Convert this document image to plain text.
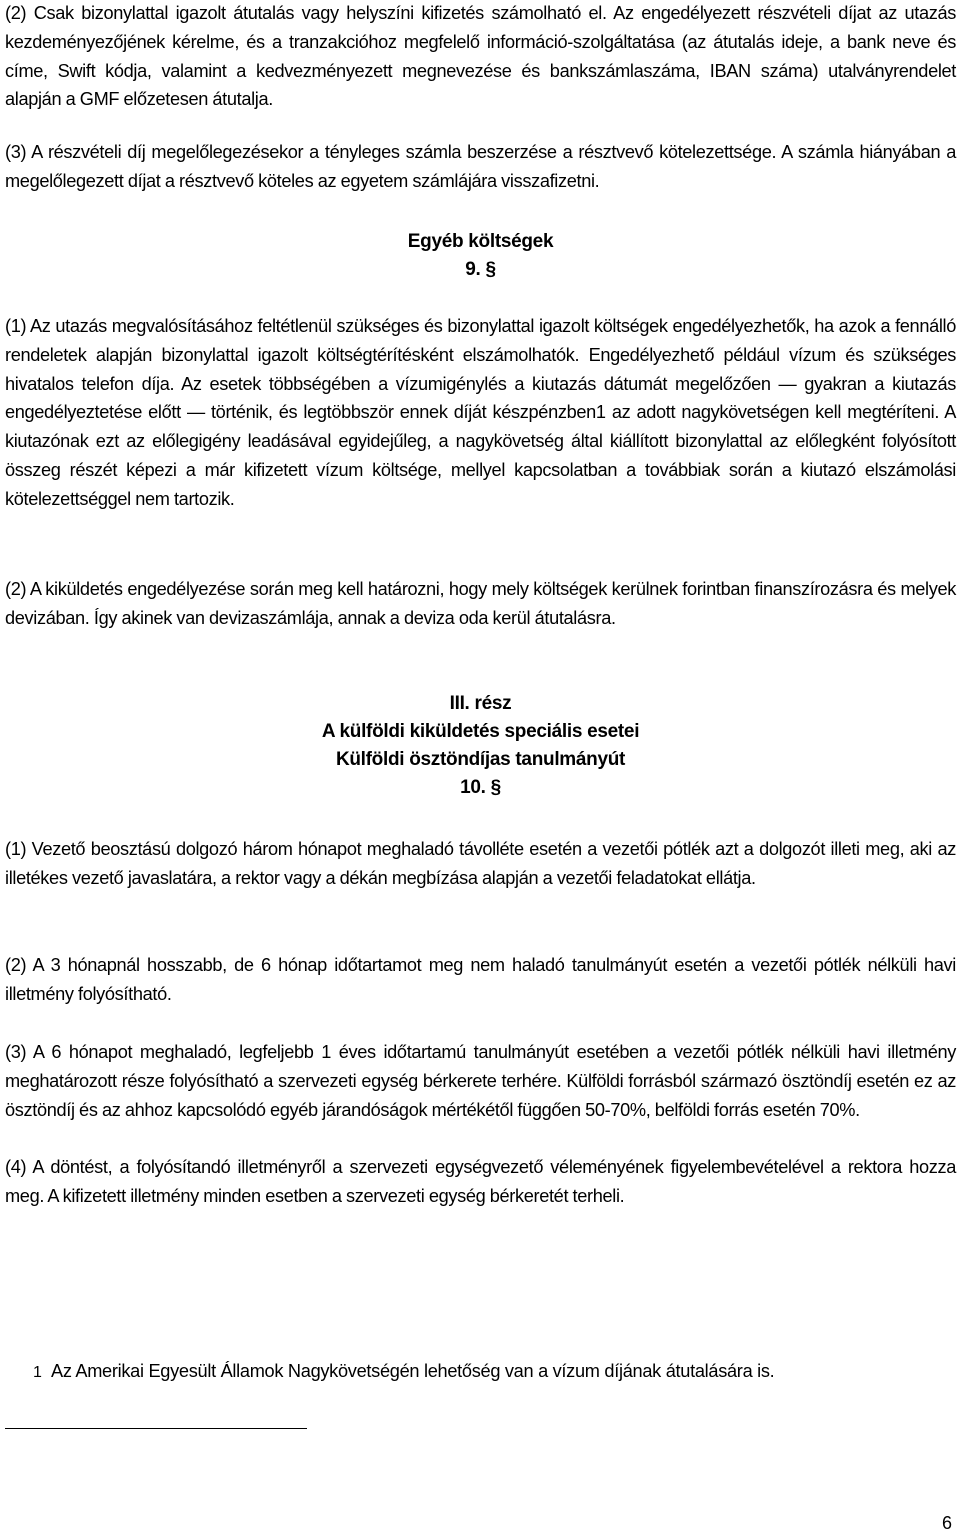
(2) Csak bizonylattal igazolt átutalás vagy helyszíni kifizetés számolható el. Az engedélyezett részvételi díjat az utazás kezdeményezőjének kérelme, és a tranzakcióhoz megfelelő információ-szolgáltatása (az átutalás ideje, a bank neve és címe, Swift kódja, valamint a kedvezményezett megnevezése és bankszámlaszáma, IBAN száma) utalványrendelet alapján a GMF előzetesen átutalja.

(3) A részvételi díj megelőlegezésekor a tényleges számla beszerzése a résztvevő kötelezettsége. A számla hiányában a megelőlegezett díjat a résztvevő köteles az egyetem számlájára visszafizetni.

Egyéb költségek

9. §

(1) Az utazás megvalósításához feltétlenül szükséges és bizonylattal igazolt költségek engedélyezhetők, ha azok a fennálló rendeletek alapján bizonylattal igazolt költségtérítésként elszámolhatók. Engedélyezhető például vízum és szükséges hivatalos telefon díja. Az esetek többségében a vízumigénylés a kiutazás dátumát megelőzően — gyakran a kiutazás engedélyeztetése előtt — történik, és legtöbbször ennek díját készpénzben1 az adott nagykövetségen kell megtéríteni. A kiutazónak ezt az előlegigény leadásával egyidejűleg, a nagykövetség által kiállított bizonylattal az előlegként folyósított összeg részét képezi a már kifizetett vízum költsége, mellyel kapcsolatban a továbbiak során a kiutazó elszámolási kötelezettséggel nem tartozik.

(2) A kiküldetés engedélyezése során meg kell határozni, hogy mely költségek kerülnek forintban finanszírozásra és melyek devizában. Így akinek van devizaszámlája, annak a deviza oda kerül átutalásra.

III. rész

A külföldi kiküldetés speciális esetei

Külföldi ösztöndíjas tanulmányút

10. §

(1) Vezető beosztású dolgozó három hónapot meghaladó távolléte esetén a vezetői pótlék azt a dolgozót illeti meg, aki az illetékes vezető javaslatára, a rektor vagy a dékán megbízása alapján a vezetői feladatokat ellátja.

(2) A 3 hónapnál hosszabb, de 6 hónap időtartamot meg nem haladó tanulmányút esetén a vezetői pótlék nélküli havi illetmény folyósítható.

(3) A 6 hónapot meghaladó, legfeljebb 1 éves időtartamú tanulmányút esetében a vezetői pótlék nélküli havi illetmény meghatározott része folyósítható a szervezeti egység bérkerete terhére. Külföldi forrásból származó ösztöndíj esetén ez az ösztöndíj és az ahhoz kapcsolódó egyéb járandóságok mértékétől függően 50-70%, belföldi forrás esetén 70%.

(4) A döntést, a folyósítandó illetményről a szervezeti egységvezető véleményének figyelembevételével a rektora hozza meg. A kifizetett illetmény minden esetben a szervezeti egység bérkeretét terheli.

1 Az Amerikai Egyesült Államok Nagykövetségén lehetőség van a vízum díjának átutalására is.

6
